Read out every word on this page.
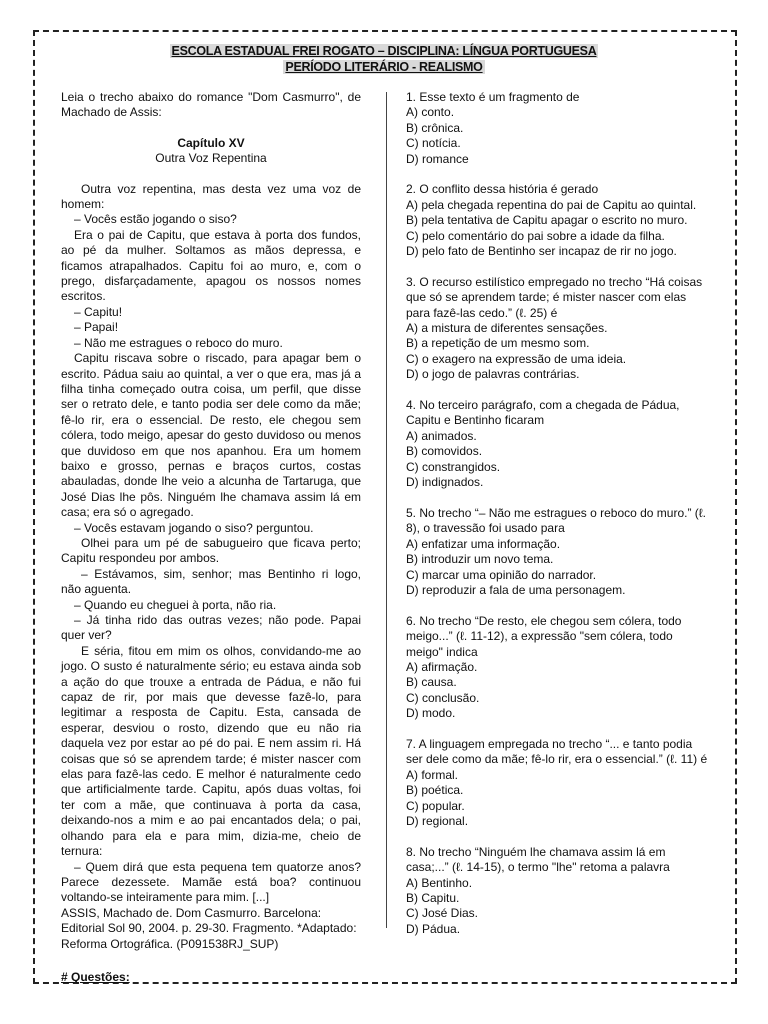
ESCOLA ESTADUAL FREI ROGATO – DISCIPLINA: LÍNGUA PORTUGUESA
PERÍODO LITERÁRIO - REALISMO

Leia o trecho abaixo do romance "Dom Casmurro", de Machado de Assis:

Capítulo XV

Outra Voz Repentina

Outra voz repentina, mas desta vez uma voz de homem:

– Vocês estão jogando o siso?

Era o pai de Capitu, que estava à porta dos fundos, ao pé da mulher. Soltamos as mãos depressa, e ficamos atrapalhados. Capitu foi ao muro, e, com o prego, disfarçadamente, apagou os nossos nomes escritos.

– Capitu!

– Papai!

– Não me estragues o reboco do muro.

Capitu riscava sobre o riscado, para apagar bem o escrito. Pádua saiu ao quintal, a ver o que era, mas já a filha tinha começado outra coisa, um perfil, que disse ser o retrato dele, e tanto podia ser dele como da mãe; fê-lo rir, era o essencial. De resto, ele chegou sem cólera, todo meigo, apesar do gesto duvidoso ou menos que duvidoso em que nos apanhou. Era um homem baixo e grosso, pernas e braços curtos, costas abauladas, donde lhe veio a alcunha de Tartaruga, que José Dias lhe pôs. Ninguém lhe chamava assim lá em casa; era só o agregado.

– Vocês estavam jogando o siso? perguntou.

Olhei para um pé de sabugueiro que ficava perto; Capitu respondeu por ambos.

– Estávamos, sim, senhor; mas Bentinho ri logo, não aguenta.

– Quando eu cheguei à porta, não ria.

– Já tinha rido das outras vezes; não pode. Papai quer ver?

E séria, fitou em mim os olhos, convidando-me ao jogo. O susto é naturalmente sério; eu estava ainda sob a ação do que trouxe a entrada de Pádua, e não fui capaz de rir, por mais que devesse fazê-lo, para legitimar a resposta de Capitu. Esta, cansada de esperar, desviou o rosto, dizendo que eu não ria daquela vez por estar ao pé do pai. E nem assim ri. Há coisas que só se aprendem tarde; é mister nascer com elas para fazê-las cedo. E melhor é naturalmente cedo que artificialmente tarde. Capitu, após duas voltas, foi ter com a mãe, que continuava à porta da casa, deixando-nos a mim e ao pai encantados dela; o pai, olhando para ela e para mim, dizia-me, cheio de ternura:

– Quem dirá que esta pequena tem quatorze anos? Parece dezessete. Mamãe está boa? continuou voltando-se inteiramente para mim. [...]

ASSIS, Machado de. Dom Casmurro. Barcelona: Editorial Sol 90, 2004. p. 29-30. Fragmento. *Adaptado: Reforma Ortográfica. (P091538RJ_SUP)

# Questões:

1. Esse texto é um fragmento de
A) conto.
B) crônica.
C) notícia.
D) romance
2. O conflito dessa história é gerado
A) pela chegada repentina do pai de Capitu ao quintal.
B) pela tentativa de Capitu apagar o escrito no muro.
C) pelo comentário do pai sobre a idade da filha.
D) pelo fato de Bentinho ser incapaz de rir no jogo.
3. O recurso estilístico empregado no trecho “Há coisas que só se aprendem tarde; é mister nascer com elas para fazê-las cedo.” (ℓ. 25) é
A) a mistura de diferentes sensações.
B) a repetição de um mesmo som.
C) o exagero na expressão de uma ideia.
D) o jogo de palavras contrárias.
4. No terceiro parágrafo, com a chegada de Pádua, Capitu e Bentinho ficaram
A) animados.
B) comovidos.
C) constrangidos.
D) indignados.
5. No trecho “– Não me estragues o reboco do muro.” (ℓ. 8), o travessão foi usado para
A) enfatizar uma informação.
B) introduzir um novo tema.
C) marcar uma opinião do narrador.
D) reproduzir a fala de uma personagem.
6. No trecho “De resto, ele chegou sem cólera, todo meigo...” (ℓ. 11-12), a expressão "sem cólera, todo meigo" indica
A) afirmação.
B) causa.
C) conclusão.
D) modo.
7. A linguagem empregada no trecho “... e tanto podia ser dele como da mãe; fê-lo rir, era o essencial.” (ℓ. 11) é
A) formal.
B) poética.
C) popular.
D) regional.
8. No trecho “Ninguém lhe chamava assim lá em casa;...” (ℓ. 14-15), o termo "lhe" retoma a palavra
A) Bentinho.
B) Capitu.
C) José Dias.
D) Pádua.
